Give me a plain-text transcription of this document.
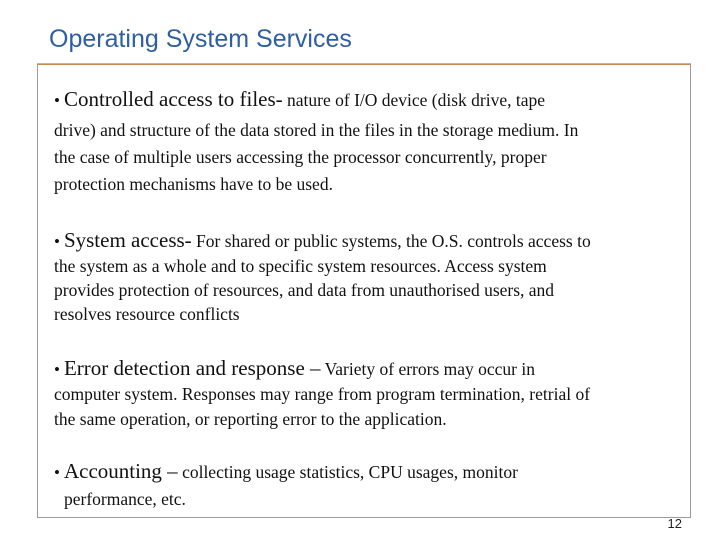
Operating System Services
• Controlled access to files- nature of I/O device (disk drive, tape
drive) and structure of the data stored in the files in the storage medium. In
the case of multiple users accessing the processor concurrently, proper
protection mechanisms have to be used.
• System access- For shared or public systems, the O.S. controls access to
the system as a whole and to specific system resources. Access system
provides protection of resources, and data from unauthorised users, and
resolves resource conflicts
• Error detection and response – Variety of errors may occur in
computer system. Responses may range from program termination, retrial of
the same operation, or reporting error to the application.
• Accounting – collecting usage statistics, CPU usages, monitor
performance, etc.
12
